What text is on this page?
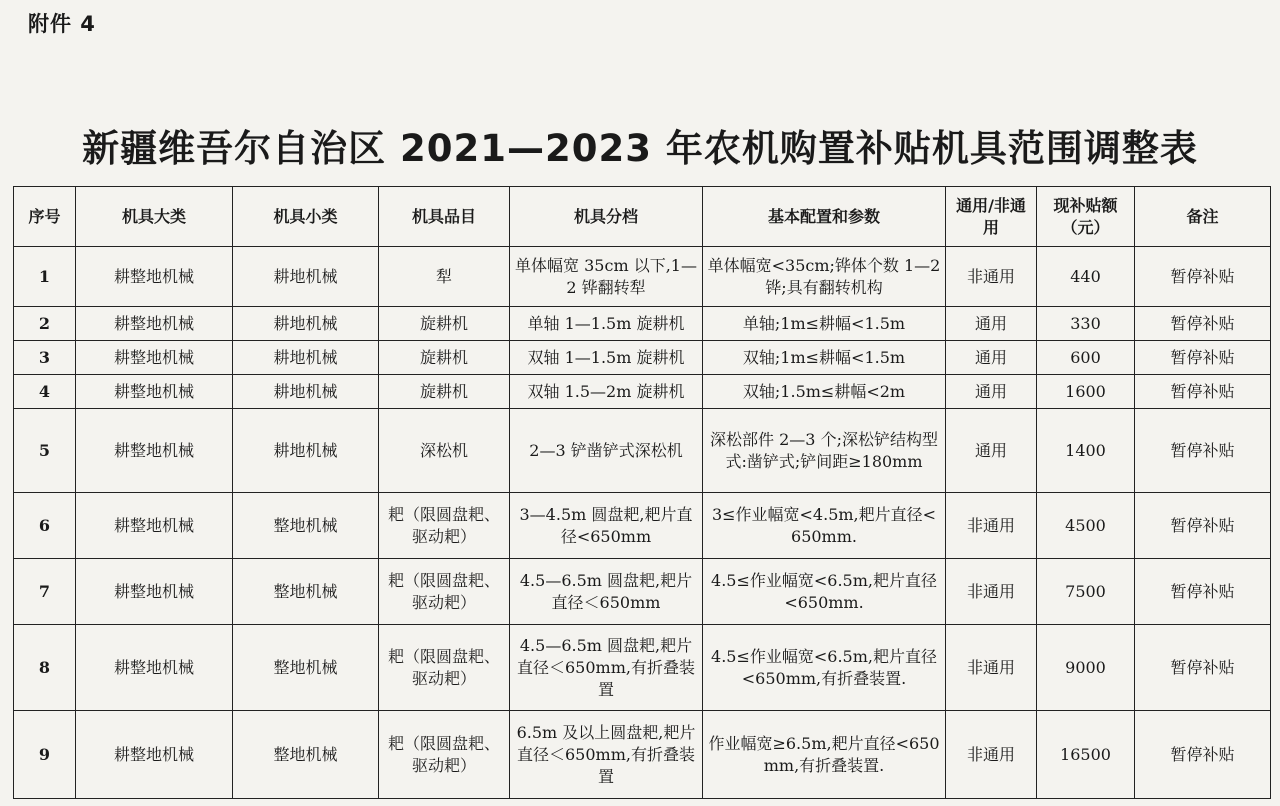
附件 4
新疆维吾尔自治区 2021—2023 年农机购置补贴机具范围调整表
序号	机具大类	机具小类	机具品目	机具分档	基本配置和参数	通用/非通用	现补贴额（元）	备注
1	耕整地机械	耕地机械	犁	单体幅宽 35cm 以下,1—2 铧翻转犁	单体幅宽<35cm;铧体个数 1—2 铧;具有翻转机构	非通用	440	暂停补贴
2	耕整地机械	耕地机械	旋耕机	单轴 1—1.5m 旋耕机	单轴;1m≤耕幅<1.5m	通用	330	暂停补贴
3	耕整地机械	耕地机械	旋耕机	双轴 1—1.5m 旋耕机	双轴;1m≤耕幅<1.5m	通用	600	暂停补贴
4	耕整地机械	耕地机械	旋耕机	双轴 1.5—2m 旋耕机	双轴;1.5m≤耕幅<2m	通用	1600	暂停补贴
5	耕整地机械	耕地机械	深松机	2—3 铲凿铲式深松机	深松部件 2—3 个;深松铲结构型式:凿铲式;铲间距≥180mm	通用	1400	暂停补贴
6	耕整地机械	整地机械	耙（限圆盘耙、驱动耙）	3—4.5m 圆盘耙,耙片直径<650mm	3≤作业幅宽<4.5m,耙片直径<650mm.	非通用	4500	暂停补贴
7	耕整地机械	整地机械	耙（限圆盘耙、驱动耙）	4.5—6.5m 圆盘耙,耙片直径＜650mm	4.5≤作业幅宽<6.5m,耙片直径<650mm.	非通用	7500	暂停补贴
8	耕整地机械	整地机械	耙（限圆盘耙、驱动耙）	4.5—6.5m 圆盘耙,耙片直径＜650mm,有折叠装置	4.5≤作业幅宽<6.5m,耙片直径<650mm,有折叠装置.	非通用	9000	暂停补贴
9	耕整地机械	整地机械	耙（限圆盘耙、驱动耙）	6.5m 及以上圆盘耙,耙片直径＜650mm,有折叠装置	作业幅宽≥6.5m,耙片直径<650mm,有折叠装置.	非通用	16500	暂停补贴
